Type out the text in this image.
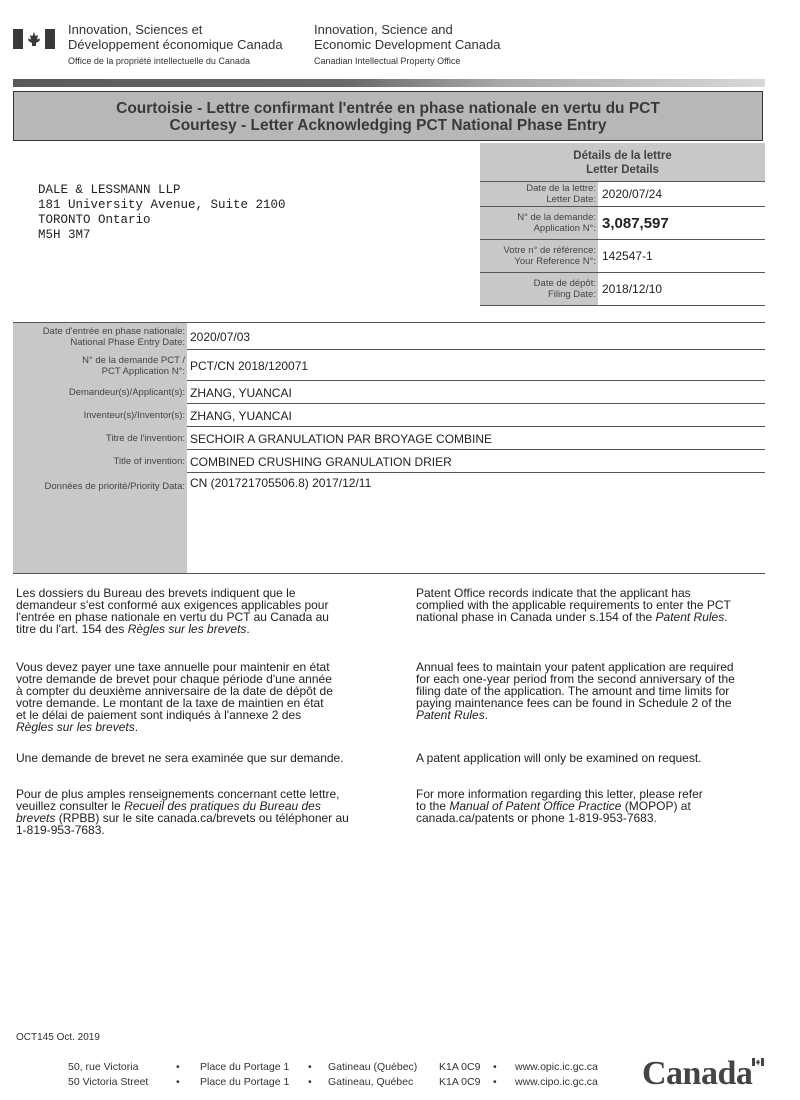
Innovation, Sciences et
Développement économique Canada
Office de la propriété intellectuelle du Canada
Innovation, Science and
Economic Development Canada
Canadian Intellectual Property Office
Courtoisie - Lettre confirmant l'entrée en phase nationale en vertu du PCT
Courtesy - Letter Acknowledging PCT National Phase Entry
DALE & LESSMANN LLP
181 University Avenue, Suite 2100
TORONTO Ontario
M5H 3M7
Détails de la lettre
Letter Details
Date de la lettre:
Letter Date: 2020/07/24
N° de la demande:
Application N°: 3,087,597
Votre n° de référence:
Your Reference N°: 142547-1
Date de dépôt:
Filing Date: 2018/12/10
Date d'entrée en phase nationale:
National Phase Entry Date: 2020/07/03
N° de la demande PCT /
PCT Application N°: PCT/CN 2018/120071
Demandeur(s)/Applicant(s): ZHANG, YUANCAI
Inventeur(s)/Inventor(s): ZHANG, YUANCAI
Titre de l'invention: SECHOIR A GRANULATION PAR BROYAGE COMBINE
Title of invention: COMBINED CRUSHING GRANULATION DRIER
Données de priorité/Priority Data: CN (201721705506.8) 2017/12/11
Les dossiers du Bureau des brevets indiquent que le
demandeur s'est conformé aux exigences applicables pour
l'entrée en phase nationale en vertu du PCT au Canada au
titre du l'art. 154 des Règles sur les brevets.
Patent Office records indicate that the applicant has
complied with the applicable requirements to enter the PCT
national phase in Canada under s.154 of the Patent Rules.
Vous devez payer une taxe annuelle pour maintenir en état
votre demande de brevet pour chaque période d'une année
à compter du deuxième anniversaire de la date de dépôt de
votre demande. Le montant de la taxe de maintien en état
et le délai de paiement sont indiqués à l'annexe 2 des
Règles sur les brevets.
Annual fees to maintain your patent application are required
for each one-year period from the second anniversary of the
filing date of the application. The amount and time limits for
paying maintenance fees can be found in Schedule 2 of the
Patent Rules.
Une demande de brevet ne sera examinée que sur demande.	A patent application will only be examined on request.
Pour de plus amples renseignements concernant cette lettre,
veuillez consulter le Recueil des pratiques du Bureau des
brevets (RPBB) sur le site canada.ca/brevets ou téléphoner au
1-819-953-7683.
For more information regarding this letter, please refer
to the Manual of Patent Office Practice (MOPOP) at
canada.ca/patents or phone 1-819-953-7683.
OCT145 Oct. 2019
50, rue Victoria	•	Place du Portage 1	•	Gatineau (Québec)	K1A 0C9	•	www.opic.ic.gc.ca
50 Victoria Street	•	Place du Portage 1	•	Gatineau, Québec	K1A 0C9	•	www.cipo.ic.gc.ca Canada
